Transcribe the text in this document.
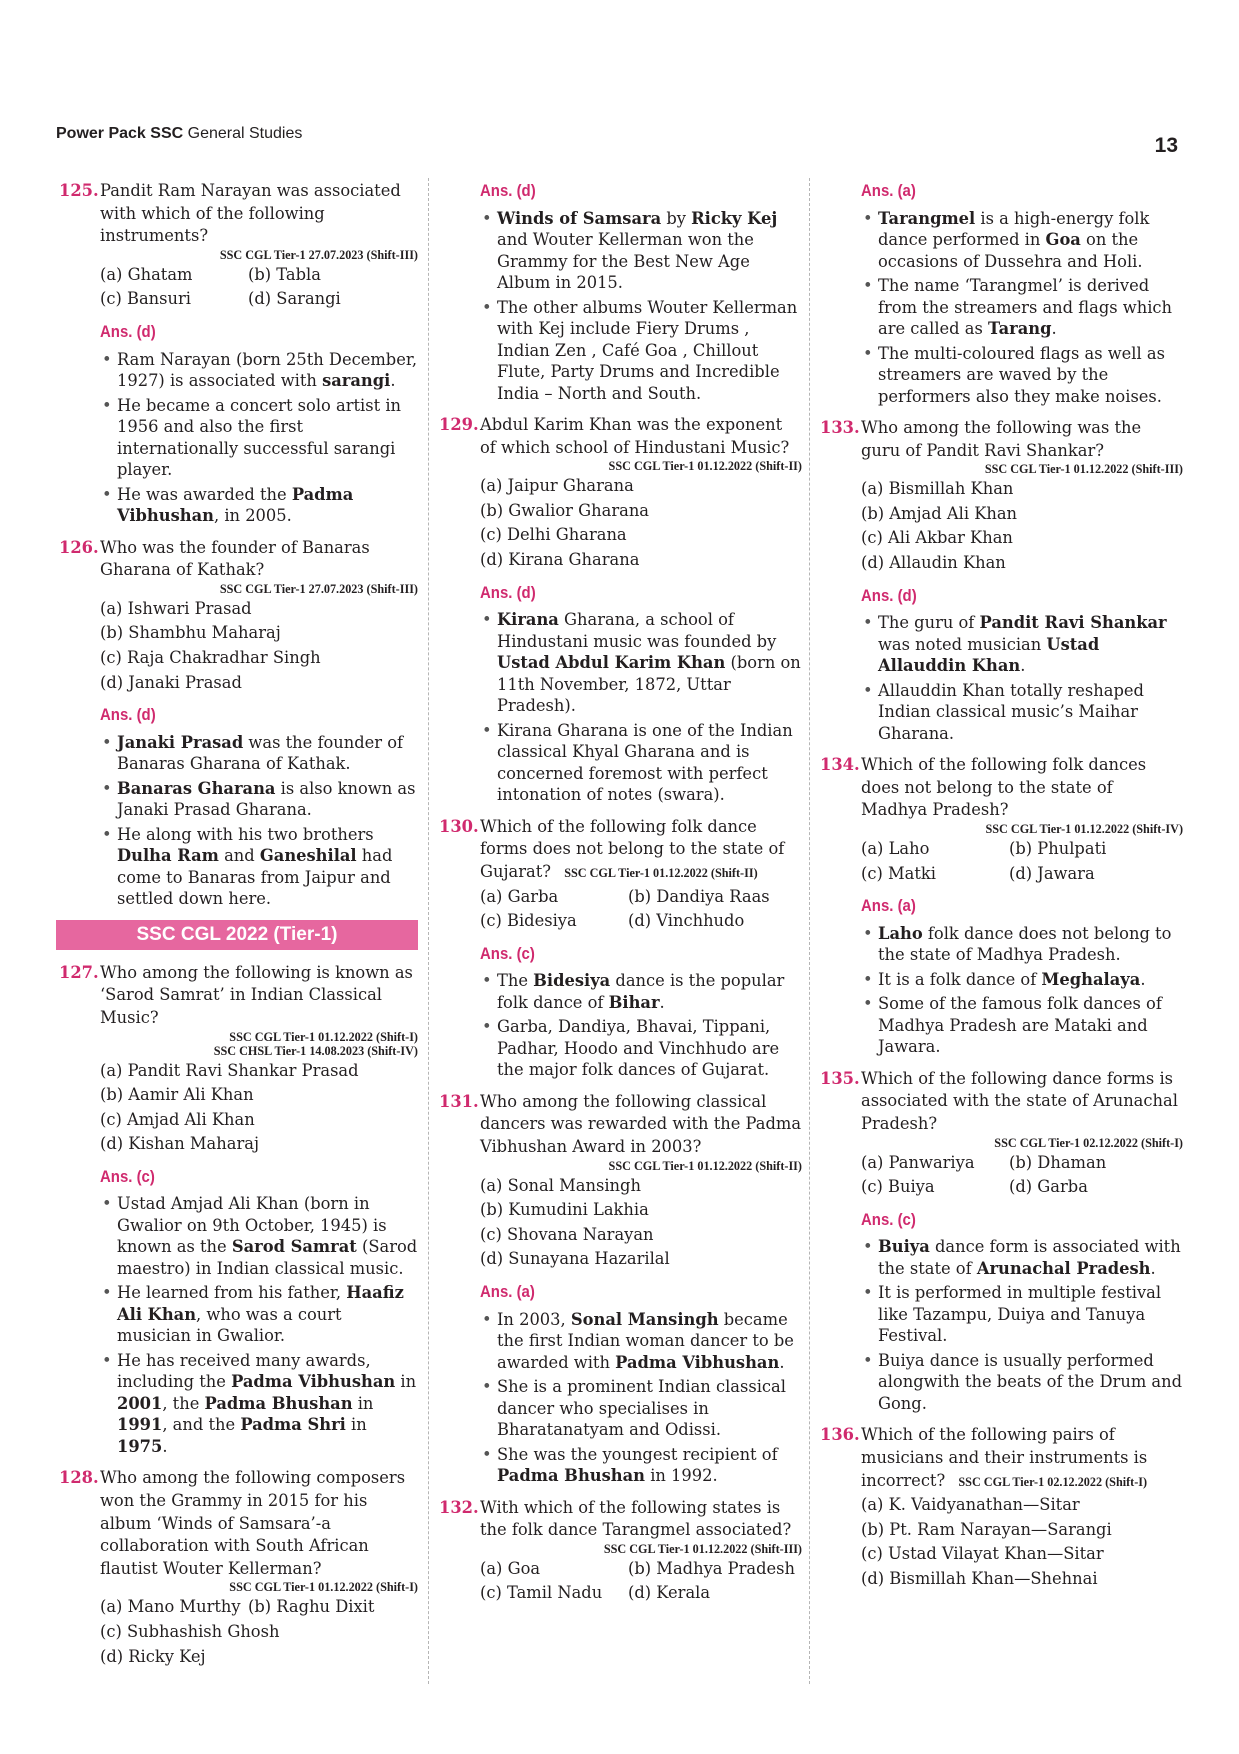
Power Pack SSC General Studies
13
125. Pandit Ram Narayan was associated with which of the following instruments?
SSC CGL Tier-1 27.07.2023 (Shift-III)
(a) Ghatam	(b) Tabla
(c) Bansuri	(d) Sarangi
Ans. (d)
• Ram Narayan (born 25th December, 1927) is associated with sarangi.
• He became a concert solo artist in 1956 and also the first internationally successful sarangi player.
• He was awarded the Padma Vibhushan, in 2005.
126. Who was the founder of Banaras Gharana of Kathak?
SSC CGL Tier-1 27.07.2023 (Shift-III)
(a) Ishwari Prasad
(b) Shambhu Maharaj
(c) Raja Chakradhar Singh
(d) Janaki Prasad
Ans. (d)
• Janaki Prasad was the founder of Banaras Gharana of Kathak.
• Banaras Gharana is also known as Janaki Prasad Gharana.
• He along with his two brothers Dulha Ram and Ganeshilal had come to Banaras from Jaipur and settled down here.
SSC CGL 2022 (Tier-1)
127. Who among the following is known as ‘Sarod Samrat’ in Indian Classical Music?
SSC CGL Tier-1 01.12.2022 (Shift-I)
SSC CHSL Tier-1 14.08.2023 (Shift-IV)
(a) Pandit Ravi Shankar Prasad
(b) Aamir Ali Khan
(c) Amjad Ali Khan
(d) Kishan Maharaj
Ans. (c)
• Ustad Amjad Ali Khan (born in Gwalior on 9th October, 1945) is known as the Sarod Samrat (Sarod maestro) in Indian classical music.
• He learned from his father, Haafiz Ali Khan, who was a court musician in Gwalior.
• He has received many awards, including the Padma Vibhushan in 2001, the Padma Bhushan in 1991, and the Padma Shri in 1975.
128. Who among the following composers won the Grammy in 2015 for his album ‘Winds of Samsara’-a collaboration with South African flautist Wouter Kellerman?
SSC CGL Tier-1 01.12.2022 (Shift-I)
(a) Mano Murthy (b) Raghu Dixit
(c) Subhashish Ghosh
(d) Ricky Kej
Ans. (d)
• Winds of Samsara by Ricky Kej and Wouter Kellerman won the Grammy for the Best New Age Album in 2015.
• The other albums Wouter Kellerman with Kej include Fiery Drums , Indian Zen , Café Goa , Chillout Flute, Party Drums and Incredible India – North and South.
129. Abdul Karim Khan was the exponent of which school of Hindustani Music?
SSC CGL Tier-1 01.12.2022 (Shift-II)
(a) Jaipur Gharana
(b) Gwalior Gharana
(c) Delhi Gharana
(d) Kirana Gharana
Ans. (d)
• Kirana Gharana, a school of Hindustani music was founded by Ustad Abdul Karim Khan (born on 11th November, 1872, Uttar Pradesh).
• Kirana Gharana is one of the Indian classical Khyal Gharana and is concerned foremost with perfect intonation of notes (swara).
130. Which of the following folk dance forms does not belong to the state of Gujarat? SSC CGL Tier-1 01.12.2022 (Shift-II)
(a) Garba	(b) Dandiya Raas
(c) Bidesiya	(d) Vinchhudo
Ans. (c)
• The Bidesiya dance is the popular folk dance of Bihar.
• Garba, Dandiya, Bhavai, Tippani, Padhar, Hoodo and Vinchhudo are the major folk dances of Gujarat.
131. Who among the following classical dancers was rewarded with the Padma Vibhushan Award in 2003?
SSC CGL Tier-1 01.12.2022 (Shift-II)
(a) Sonal Mansingh
(b) Kumudini Lakhia
(c) Shovana Narayan
(d) Sunayana Hazarilal
Ans. (a)
• In 2003, Sonal Mansingh became the first Indian woman dancer to be awarded with Padma Vibhushan.
• She is a prominent Indian classical dancer who specialises in Bharatanatyam and Odissi.
• She was the youngest recipient of Padma Bhushan in 1992.
132. With which of the following states is the folk dance Tarangmel associated?
SSC CGL Tier-1 01.12.2022 (Shift-III)
(a) Goa	(b) Madhya Pradesh
(c) Tamil Nadu	(d) Kerala
Ans. (a)
• Tarangmel is a high-energy folk dance performed in Goa on the occasions of Dussehra and Holi.
• The name ‘Tarangmel’ is derived from the streamers and flags which are called as Tarang.
• The multi-coloured flags as well as streamers are waved by the performers also they make noises.
133. Who among the following was the guru of Pandit Ravi Shankar?
SSC CGL Tier-1 01.12.2022 (Shift-III)
(a) Bismillah Khan
(b) Amjad Ali Khan
(c) Ali Akbar Khan
(d) Allaudin Khan
Ans. (d)
• The guru of Pandit Ravi Shankar was noted musician Ustad Allauddin Khan.
• Allauddin Khan totally reshaped Indian classical music’s Maihar Gharana.
134. Which of the following folk dances does not belong to the state of Madhya Pradesh?
SSC CGL Tier-1 01.12.2022 (Shift-IV)
(a) Laho	(b) Phulpati
(c) Matki	(d) Jawara
Ans. (a)
• Laho folk dance does not belong to the state of Madhya Pradesh.
• It is a folk dance of Meghalaya.
• Some of the famous folk dances of Madhya Pradesh are Mataki and Jawara.
135. Which of the following dance forms is associated with the state of Arunachal Pradesh?
SSC CGL Tier-1 02.12.2022 (Shift-I)
(a) Panwariya	(b) Dhaman
(c) Buiya	(d) Garba
Ans. (c)
• Buiya dance form is associated with the state of Arunachal Pradesh.
• It is performed in multiple festival like Tazampu, Duiya and Tanuya Festival.
• Buiya dance is usually performed alongwith the beats of the Drum and Gong.
136. Which of the following pairs of musicians and their instruments is incorrect? SSC CGL Tier-1 02.12.2022 (Shift-I)
(a) K. Vaidyanathan—Sitar
(b) Pt. Ram Narayan—Sarangi
(c) Ustad Vilayat Khan—Sitar
(d) Bismillah Khan—Shehnai
